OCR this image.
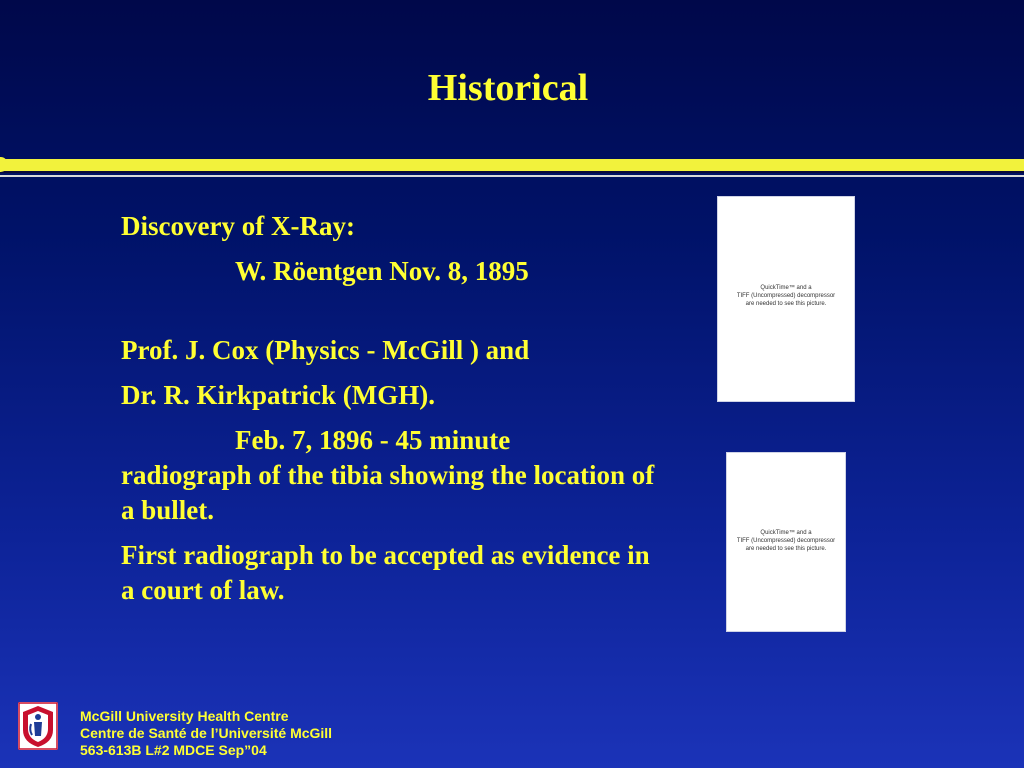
Historical

Discovery of X-Ray:

W. Röentgen Nov. 8, 1895

Prof. J. Cox (Physics - McGill ) and

Dr. R. Kirkpatrick (MGH).

Feb. 7, 1896 - 45 minute

radiograph of the tibia showing the location of a bullet.

First radiograph to be accepted as evidence in a court of law.

QuickTime™ and a
TIFF (Uncompressed) decompressor
are needed to see this picture.
QuickTime™ and a
TIFF (Uncompressed) decompressor
are needed to see this picture.
McGill University Health Centre
Centre de Santé de l’Université McGill
563-613B L#2 MDCE Sep”04
